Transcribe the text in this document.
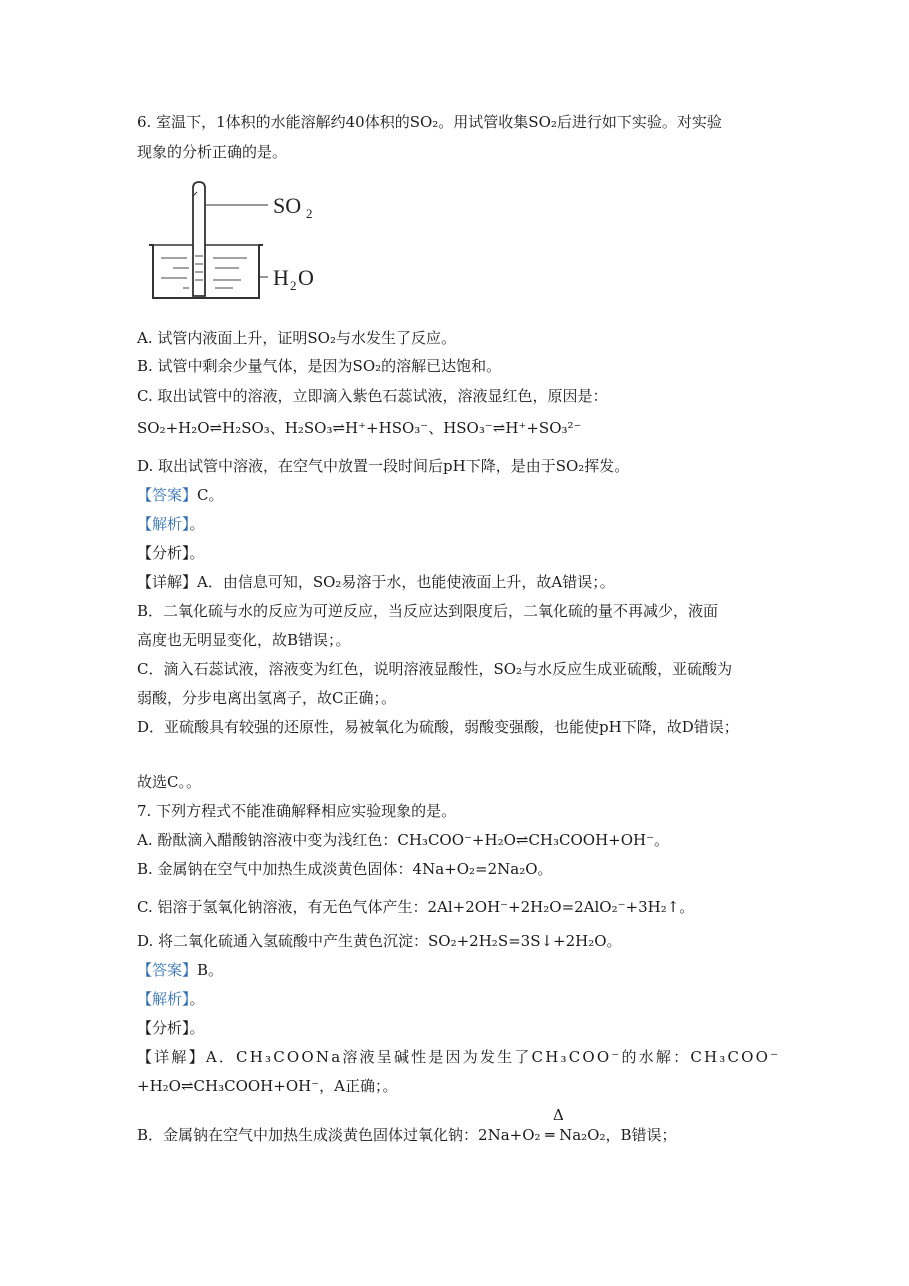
6. 室温下，1体积的水能溶解约40体积的SO₂。用试管收集SO₂后进行如下实验。对实验
现象的分析正确的是。
SO 2
H 2 O
A. 试管内液面上升，证明SO₂与水发生了反应。
B. 试管中剩余少量气体，是因为SO₂的溶解已达饱和。
C. 取出试管中的溶液，立即滴入紫色石蕊试液，溶液显红色，原因是：
SO₂+H₂O⇌H₂SO₃、H₂SO₃⇌H⁺+HSO₃⁻、HSO₃⁻⇌H⁺+SO₃²⁻
D. 取出试管中溶液，在空气中放置一段时间后pH下降，是由于SO₂挥发。
【答案】C。
【解析】。
【分析】。
【详解】A．由信息可知，SO₂易溶于水，也能使液面上升，故A错误；。
B．二氧化硫与水的反应为可逆反应，当反应达到限度后，二氧化硫的量不再减少，液面
高度也无明显变化，故B错误；。
C．滴入石蕊试液，溶液变为红色，说明溶液显酸性，SO₂与水反应生成亚硫酸，亚硫酸为
弱酸，分步电离出氢离子，故C正确；。
D．亚硫酸具有较强的还原性，易被氧化为硫酸，弱酸变强酸，也能使pH下降，故D错误；
故选C。。
7. 下列方程式不能准确解释相应实验现象的是。
A. 酚酞滴入醋酸钠溶液中变为浅红色：CH₃COO⁻+H₂O⇌CH₃COOH+OH⁻。
B. 金属钠在空气中加热生成淡黄色固体：4Na+O₂=2Na₂O。
C. 铝溶于氢氧化钠溶液，有无色气体产生：2Al+2OH⁻+2H₂O=2AlO₂⁻+3H₂↑。
D. 将二氧化硫通入氢硫酸中产生黄色沉淀：SO₂+2H₂S=3S↓+2H₂O。
【答案】B。
【解析】。
【分析】。
【详解】A．CH₃COONa溶液呈碱性是因为发生了CH₃COO⁻的水解：CH₃COO⁻
+H₂O⇌CH₃COOH+OH⁻，A正确；。
Δ
B．金属钠在空气中加热生成淡黄色固体过氧化钠：2Na+O₂ ═ Na₂O₂，B错误；
